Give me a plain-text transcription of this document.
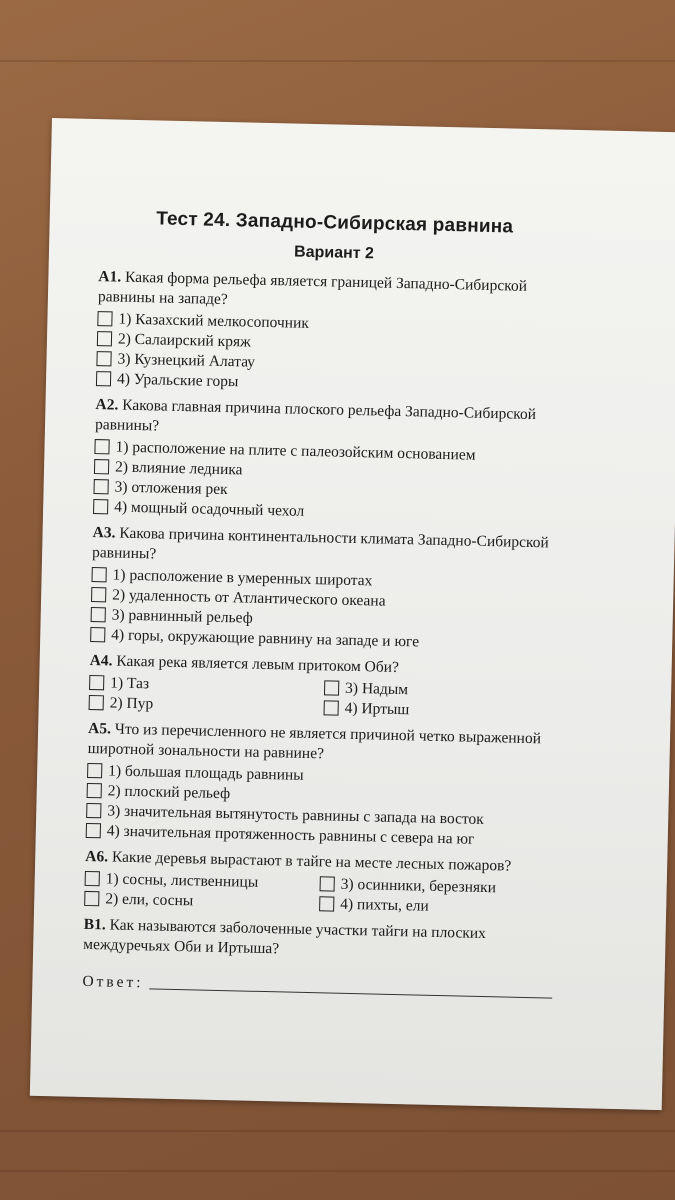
Тест 24. Западно-Сибирская равнина
Вариант 2
А1. Какая форма рельефа является границей Западно-Сибирской равнины на западе?
1) Казахский мелкосопочник
2) Салаирский кряж
3) Кузнецкий Алатау
4) Уральские горы
А2. Какова главная причина плоского рельефа Западно-Сибирской равнины?
1) расположение на плите с палеозойским основанием
2) влияние ледника
3) отложения рек
4) мощный осадочный чехол
А3. Какова причина континентальности климата Западно-Сибирской равнины?
1) расположение в умеренных широтах
2) удаленность от Атлантического океана
3) равнинный рельеф
4) горы, окружающие равнину на западе и юге
А4. Какая река является левым притоком Оби?
1) Таз	3) Надым
2) Пур	4) Иртыш
А5. Что из перечисленного не является причиной четко выраженной широтной зональности на равнине?
1) большая площадь равнины
2) плоский рельеф
3) значительная вытянутость равнины с запада на восток
4) значительная протяженность равнины с севера на юг
А6. Какие деревья вырастают в тайге на месте лесных пожаров?
1) сосны, лиственницы	3) осинники, березняки
2) ели, сосны	4) пихты, ели
В1. Как называются заболоченные участки тайги на плоских междуречьях Оби и Иртыша?
Ответ:
